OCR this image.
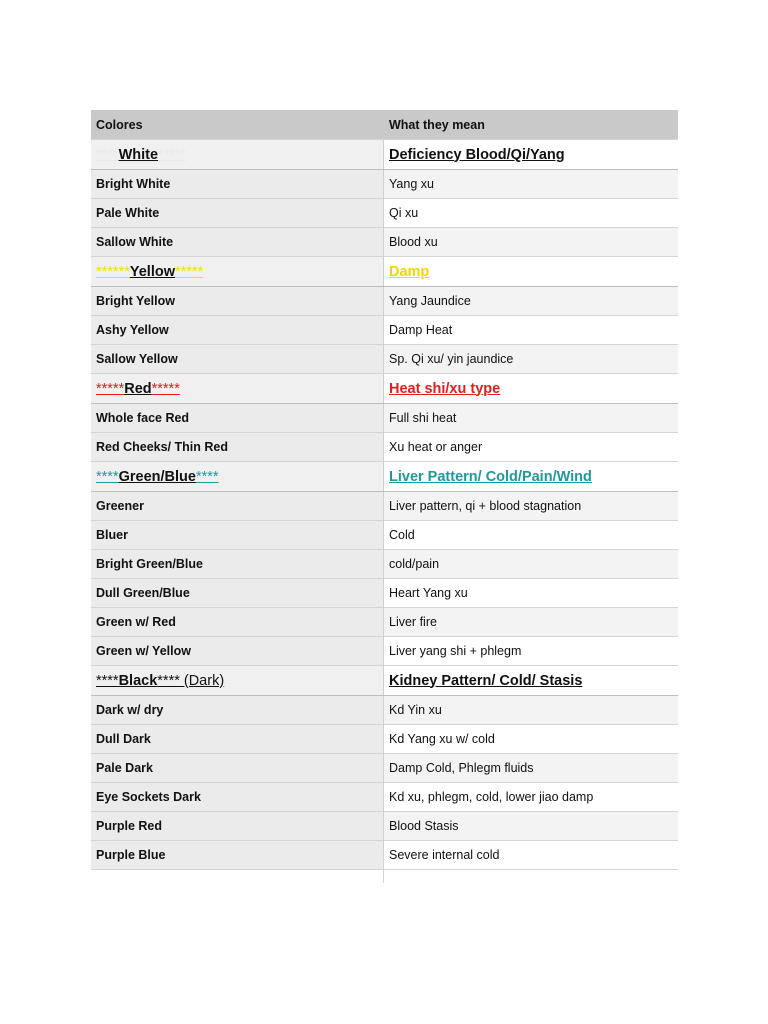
Colores	What they mean
**** White *****	Deficiency Blood/Qi/Yang
Bright White	Yang xu
Pale White	Qi xu
Sallow White	Blood xu
****** Yellow *****	Damp
Bright Yellow	Yang Jaundice
Ashy Yellow	Damp Heat
Sallow Yellow	Sp. Qi xu/ yin jaundice
***** Red *****	Heat shi/xu type
Whole face Red	Full shi heat
Red Cheeks/ Thin Red	Xu heat or anger
**** Green/Blue ****	Liver Pattern/ Cold/Pain/Wind
Greener	Liver pattern, qi + blood stagnation
Bluer	Cold
Bright Green/Blue	cold/pain
Dull Green/Blue	Heart Yang xu
Green w/ Red	Liver fire
Green w/ Yellow	Liver yang shi + phlegm
**** Black **** (Dark)	Kidney Pattern/ Cold/ Stasis
Dark w/ dry	Kd Yin xu
Dull Dark	Kd Yang xu w/ cold
Pale Dark	Damp Cold, Phlegm fluids
Eye Sockets Dark	Kd xu, phlegm, cold, lower jiao damp
Purple Red	Blood Stasis
Purple Blue	Severe internal cold
